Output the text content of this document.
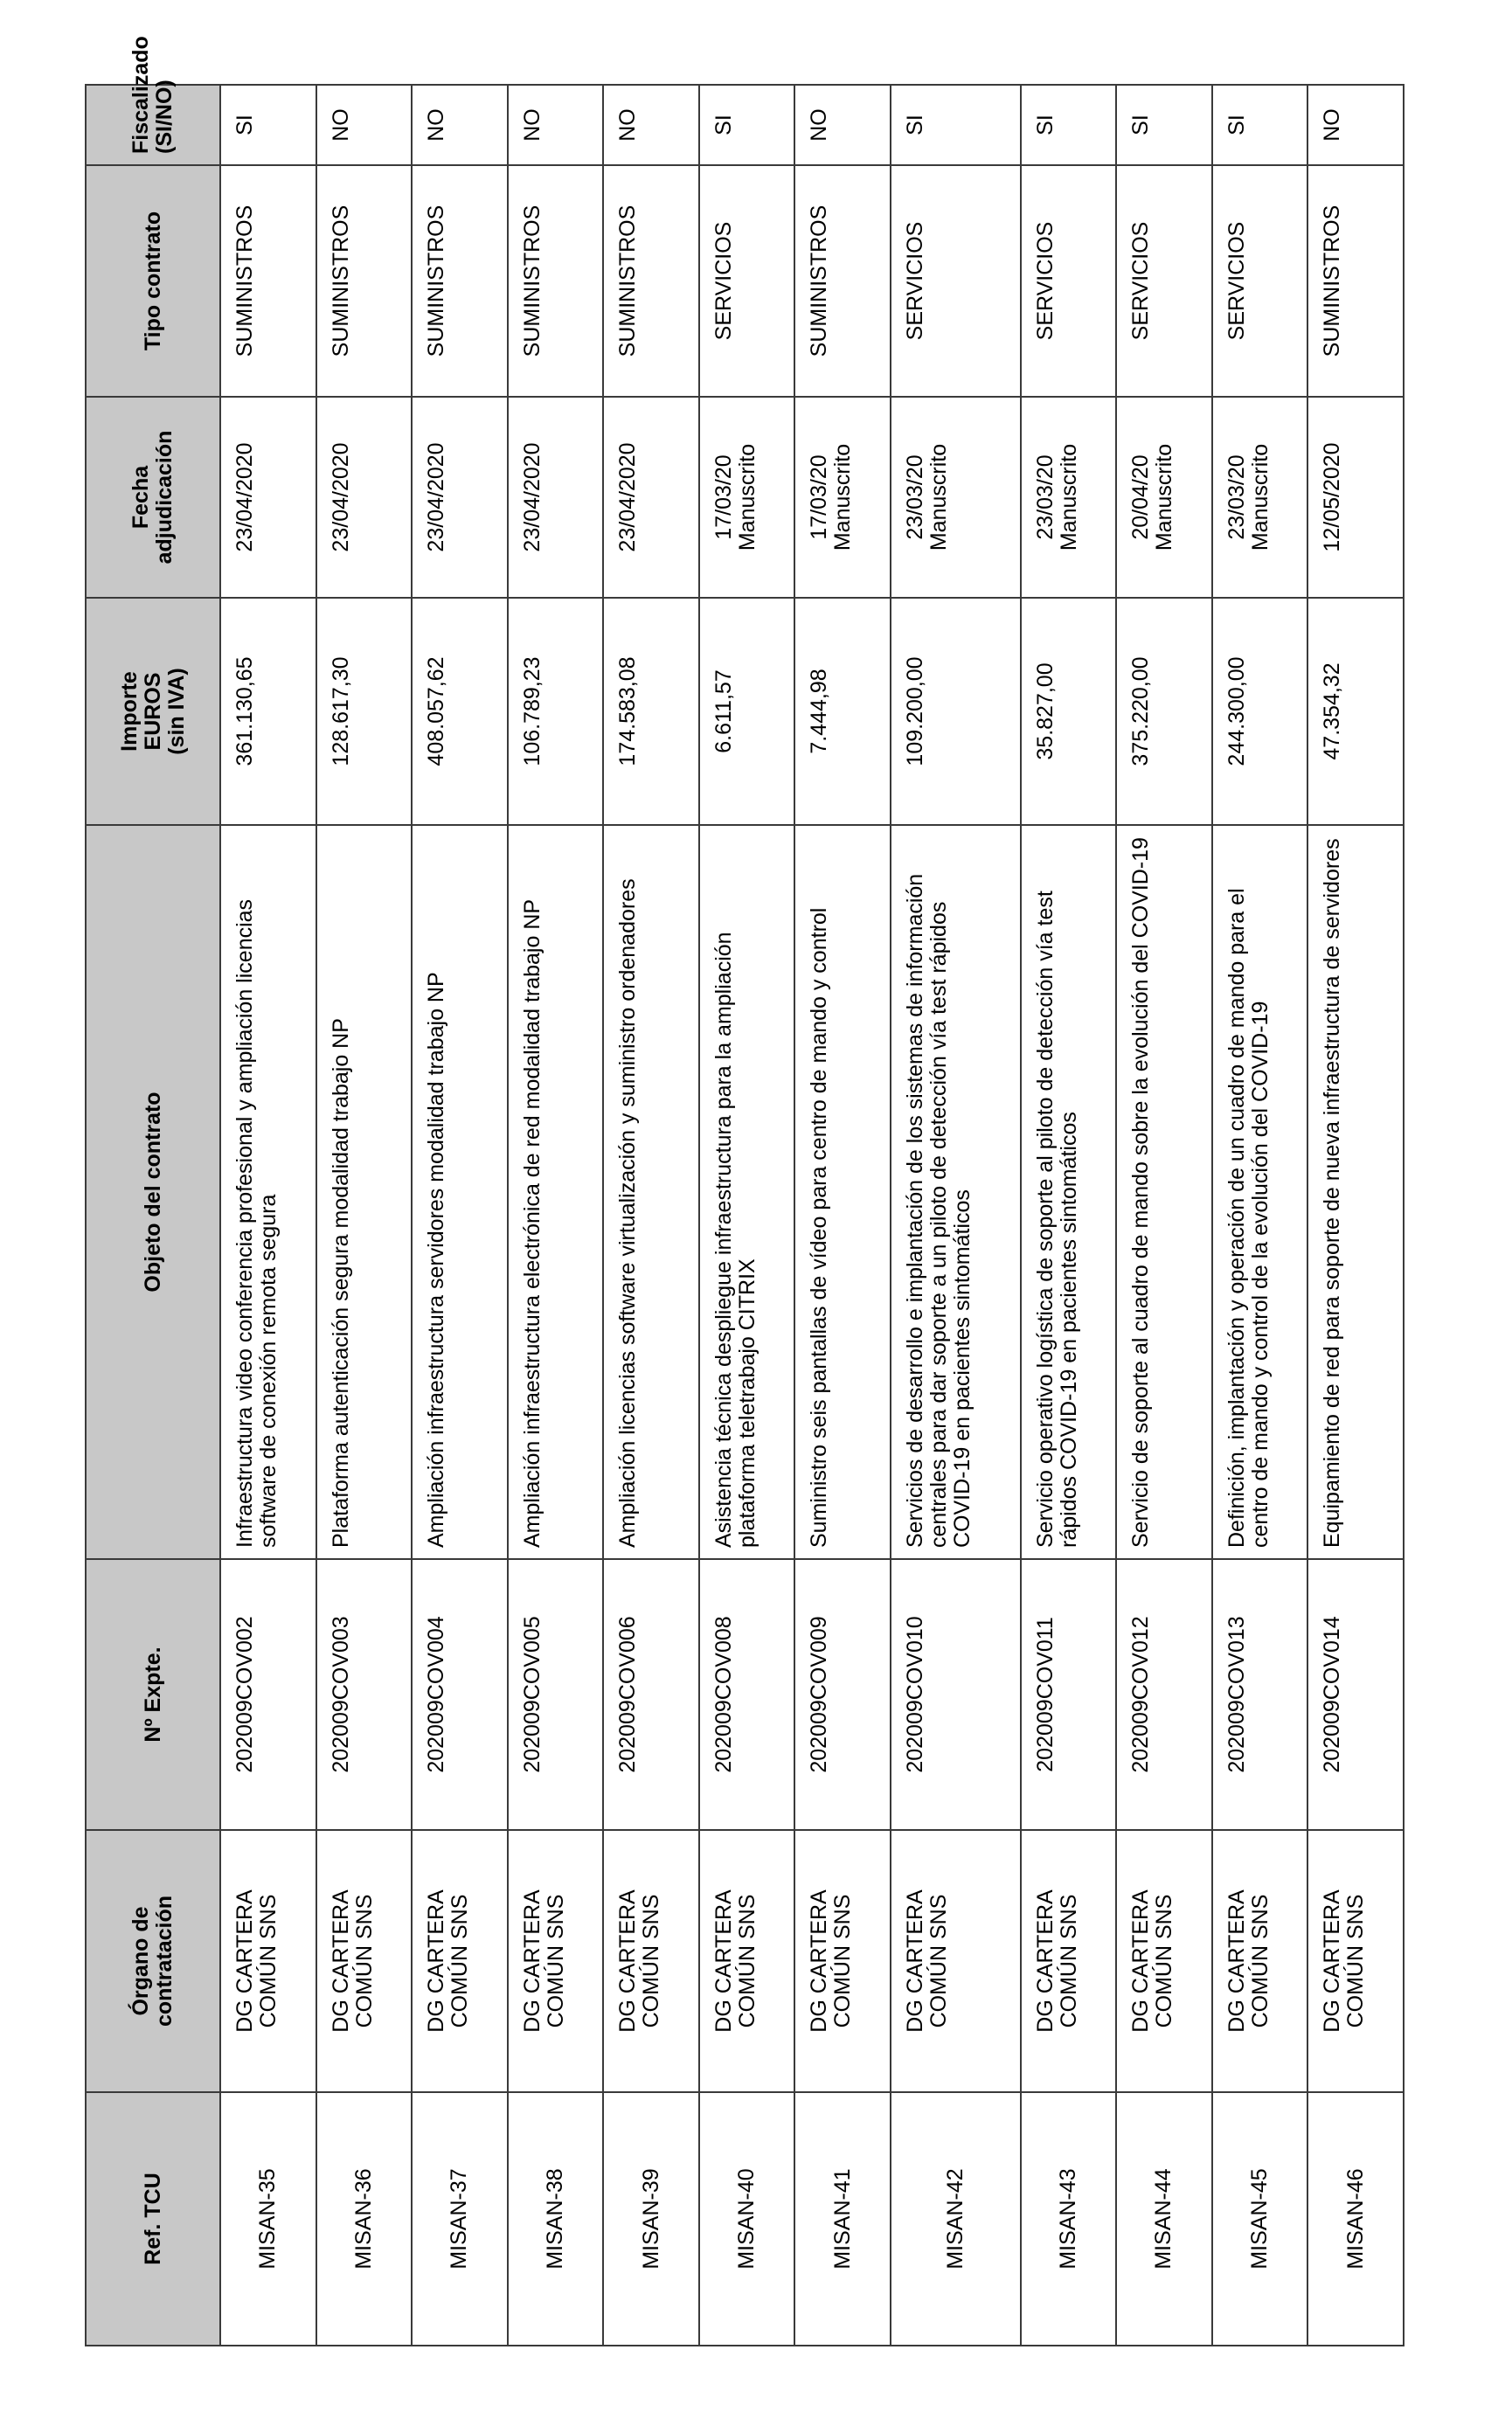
Ref. TCU	Órgano de contratación	Nº Expte.	Objeto del contrato	Importe EUROS (sin IVA)	Fecha adjudicación	Tipo contrato	Fiscalizado (SI/NO)

MISAN-35	DG CARTERA COMÚN SNS	202009COV002	Infraestructura video conferencia profesional y ampliación licencias software de conexión remota segura	361.130,65	23/04/2020	SUMINISTROS	SI
MISAN-36	DG CARTERA COMÚN SNS	202009COV003	Plataforma autenticación segura modalidad trabajo NP	128.617,30	23/04/2020	SUMINISTROS	NO
MISAN-37	DG CARTERA COMÚN SNS	202009COV004	Ampliación infraestructura servidores modalidad trabajo NP	408.057,62	23/04/2020	SUMINISTROS	NO
MISAN-38	DG CARTERA COMÚN SNS	202009COV005	Ampliación infraestructura electrónica de red modalidad trabajo NP	106.789,23	23/04/2020	SUMINISTROS	NO
MISAN-39	DG CARTERA COMÚN SNS	202009COV006	Ampliación licencias software virtualización y suministro ordenadores	174.583,08	23/04/2020	SUMINISTROS	NO
MISAN-40	DG CARTERA COMÚN SNS	202009COV008	Asistencia técnica despliegue infraestructura para la ampliación plataforma teletrabajo CITRIX	6.611,57	17/03/20 Manuscrito	SERVICIOS	SI
MISAN-41	DG CARTERA COMÚN SNS	202009COV009	Suministro seis pantallas de vídeo para centro de mando y control	7.444,98	17/03/20 Manuscrito	SUMINISTROS	NO
MISAN-42	DG CARTERA COMÚN SNS	202009COV010	Servicios de desarrollo e implantación de los sistemas de información centrales para dar soporte a un piloto de detección vía test rápidos COVID-19 en pacientes sintomáticos	109.200,00	23/03/20 Manuscrito	SERVICIOS	SI
MISAN-43	DG CARTERA COMÚN SNS	202009COV011	Servicio operativo logística de soporte al piloto de detección vía test rápidos COVID-19 en pacientes sintomáticos	35.827,00	23/03/20 Manuscrito	SERVICIOS	SI
MISAN-44	DG CARTERA COMÚN SNS	202009COV012	Servicio de soporte al cuadro de mando sobre la evolución del COVID-19	375.220,00	20/04/20 Manuscrito	SERVICIOS	SI
MISAN-45	DG CARTERA COMÚN SNS	202009COV013	Definición, implantación y operación de un cuadro de mando para el centro de mando y control de la evolución del COVID-19	244.300,00	23/03/20 Manuscrito	SERVICIOS	SI
MISAN-46	DG CARTERA COMÚN SNS	202009COV014	Equipamiento de red para soporte de nueva infraestructura de servidores	47.354,32	12/05/2020	SUMINISTROS	NO
